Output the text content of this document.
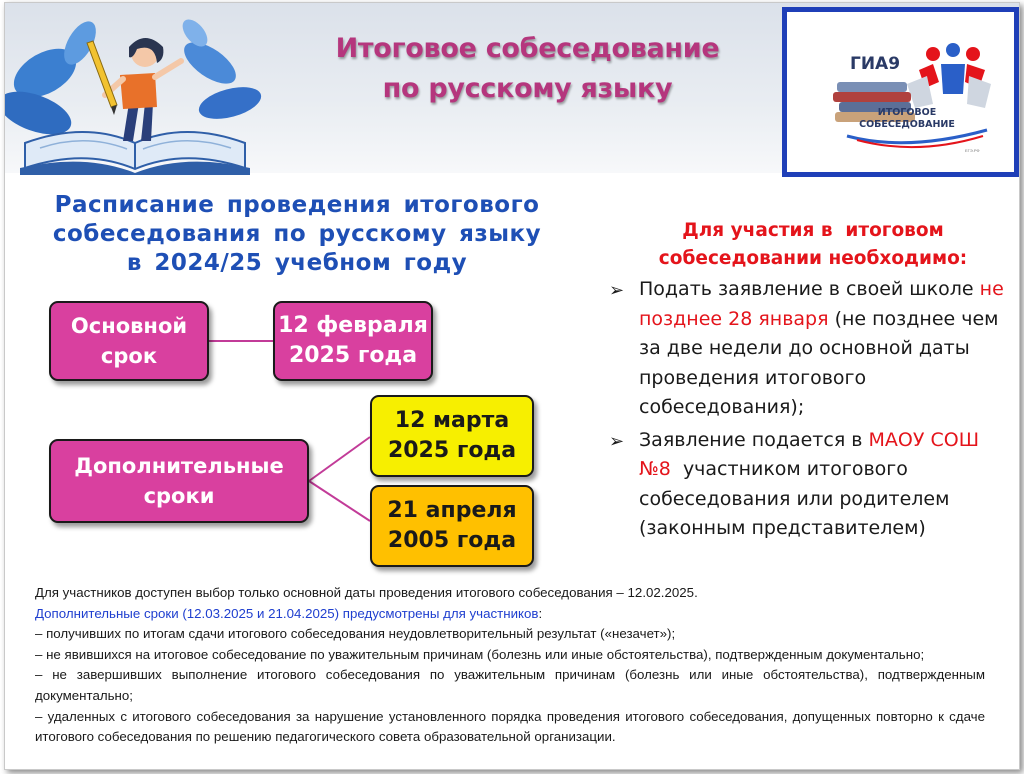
Итоговое собеседование
по русскому языку
ГИА9
ИТОГОВОЕ
СОБЕСЕДОВАНИЕ
ЕГЭ.РФ
Расписание проведения итогового
собеседования по русскому языку
в 2024/25 учебном году
Основной
срок
12 февраля
2025 года
Дополнительные
сроки
12 марта
2025 года
21 апреля
2005 года
Для участия в  итоговом
собеседовании необходимо:
➢ Подать заявление в своей школе не позднее 28 января (не позднее чем за две недели до основной даты проведения итогового собеседования);
➢ Заявление подается в МАОУ СОШ №8  участником итогового собеседования или родителем (законным представителем)
Для участников доступен выбор только основной даты проведения итогового собеседования – 12.02.2025.
Дополнительные сроки (12.03.2025 и 21.04.2025) предусмотрены для участников:
– получивших по итогам сдачи итогового собеседования неудовлетворительный результат («незачет»);
– не явившихся на итоговое собеседование по уважительным причинам (болезнь или иные обстоятельства), подтвержденным документально;
– не завершивших выполнение итогового собеседования по уважительным причинам (болезнь или иные обстоятельства), подтвержденным документально;
– удаленных с итогового собеседования за нарушение установленного порядка проведения итогового собеседования, допущенных повторно к сдаче итогового собеседования по решению педагогического совета образовательной организации.
